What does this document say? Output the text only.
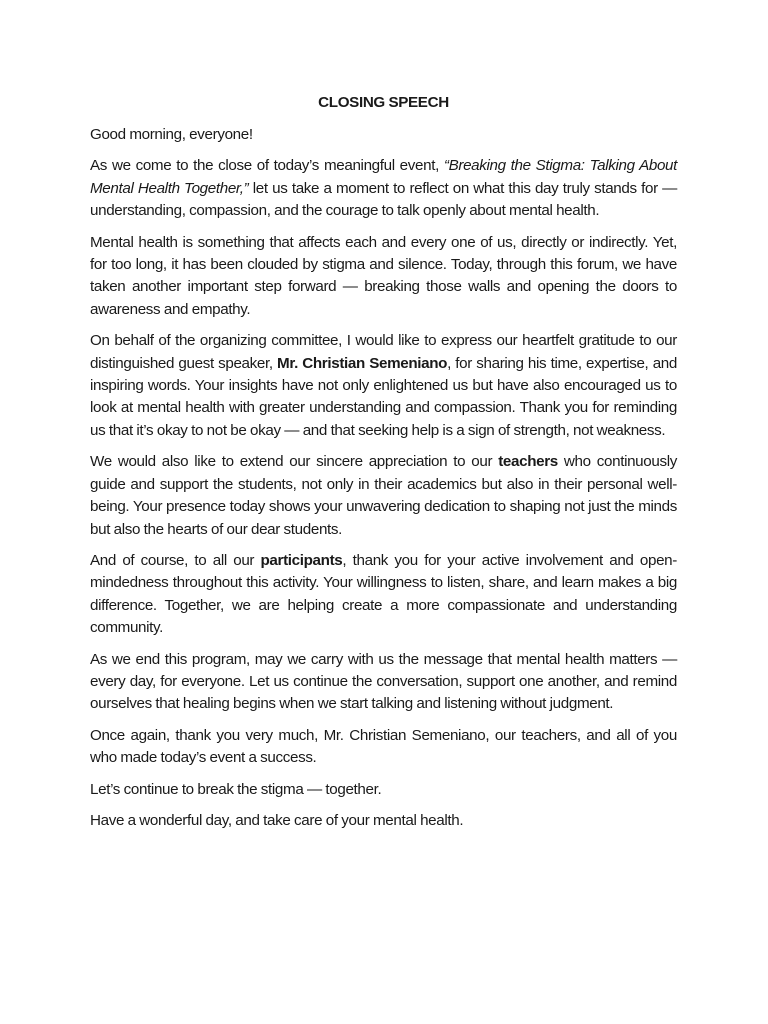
CLOSING SPEECH

Good morning, everyone!

As we come to the close of today’s meaningful event, “Breaking the Stigma: Talking About Mental Health Together,” let us take a moment to reflect on what this day truly stands for — understanding, compassion, and the courage to talk openly about mental health.

Mental health is something that affects each and every one of us, directly or indirectly. Yet, for too long, it has been clouded by stigma and silence. Today, through this forum, we have taken another important step forward — breaking those walls and opening the doors to awareness and empathy.

On behalf of the organizing committee, I would like to express our heartfelt gratitude to our distinguished guest speaker, Mr. Christian Semeniano, for sharing his time, expertise, and inspiring words. Your insights have not only enlightened us but have also encouraged us to look at mental health with greater understanding and compassion. Thank you for reminding us that it’s okay to not be okay — and that seeking help is a sign of strength, not weakness.

We would also like to extend our sincere appreciation to our teachers who continuously guide and support the students, not only in their academics but also in their personal well-being. Your presence today shows your unwavering dedication to shaping not just the minds but also the hearts of our dear students.

And of course, to all our participants, thank you for your active involvement and open-mindedness throughout this activity. Your willingness to listen, share, and learn makes a big difference. Together, we are helping create a more compassionate and understanding community.

As we end this program, may we carry with us the message that mental health matters — every day, for everyone. Let us continue the conversation, support one another, and remind ourselves that healing begins when we start talking and listening without judgment.

Once again, thank you very much, Mr. Christian Semeniano, our teachers, and all of you who made today’s event a success.

Let’s continue to break the stigma — together.

Have a wonderful day, and take care of your mental health.
